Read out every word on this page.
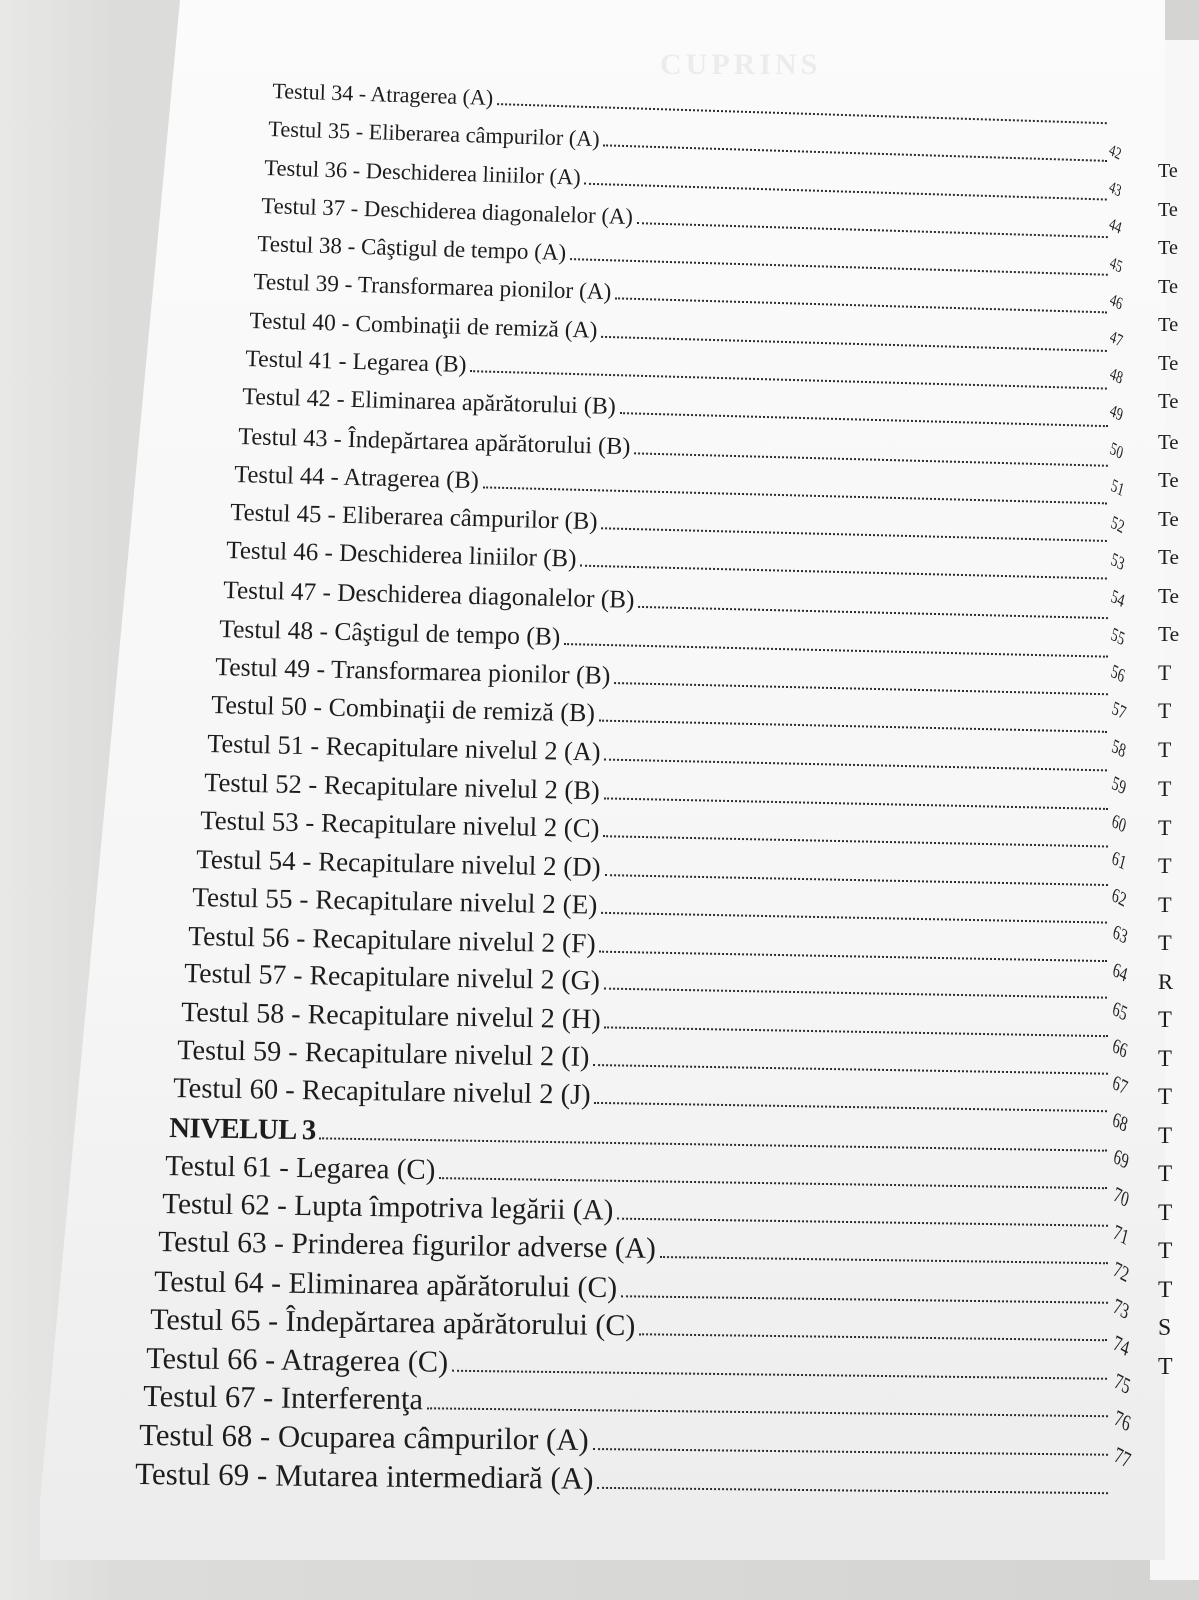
CUPRINS
Testul 34 - Atragerea (A)
Testul 35 - Eliberarea câmpurilor (A)
Testul 36 - Deschiderea liniilor (A)
Testul 37 - Deschiderea diagonalelor (A)
Testul 38 - Câştigul de tempo (A)
Testul 39 - Transformarea pionilor (A)
Testul 40 - Combinaţii de remiză (A)
Testul 41 - Legarea (B)
Testul 42 - Eliminarea apărătorului (B)
Testul 43 - Îndepărtarea apărătorului (B)
Testul 44 - Atragerea (B)
Testul 45 - Eliberarea câmpurilor (B)
Testul 46 - Deschiderea liniilor (B)
Testul 47 - Deschiderea diagonalelor (B)
Testul 48 - Câştigul de tempo (B)
Testul 49 - Transformarea pionilor (B)
Testul 50 - Combinaţii de remiză (B)
Testul 51 - Recapitulare nivelul 2 (A)
Testul 52 - Recapitulare nivelul 2 (B)
Testul 53 - Recapitulare nivelul 2 (C)
Testul 54 - Recapitulare nivelul 2 (D)
Testul 55 - Recapitulare nivelul 2 (E)
Testul 56 - Recapitulare nivelul 2 (F)
Testul 57 - Recapitulare nivelul 2 (G)
Testul 58 - Recapitulare nivelul 2 (H)
Testul 59 - Recapitulare nivelul 2 (I)
Testul 60 - Recapitulare nivelul 2 (J)
NIVELUL 3
Testul 61 - Legarea (C)
Testul 62 - Lupta împotriva legării (A)
Testul 63 - Prinderea figurilor adverse (A)
Testul 64 - Eliminarea apărătorului (C)
Testul 65 - Îndepărtarea apărătorului (C)
Testul 66 - Atragerea (C)
Testul 67 - Interferenţa
Testul 68 - Ocuparea câmpurilor (A)
Testul 69 - Mutarea intermediară (A)
42
43
44
45
46
47
48
49
50
51
52
53
54
55
56
57
58
59
60
61
62
63
64
65
66
67
68
69
70
71
72
73
74
75
76
77
Te
Te
Te
Te
Te
Te
Te
Te
Te
Te
Te
Te
Te
T
T
T
T
T
T
T
T
R
T
T
T
T
T
T
T
T
S
T
